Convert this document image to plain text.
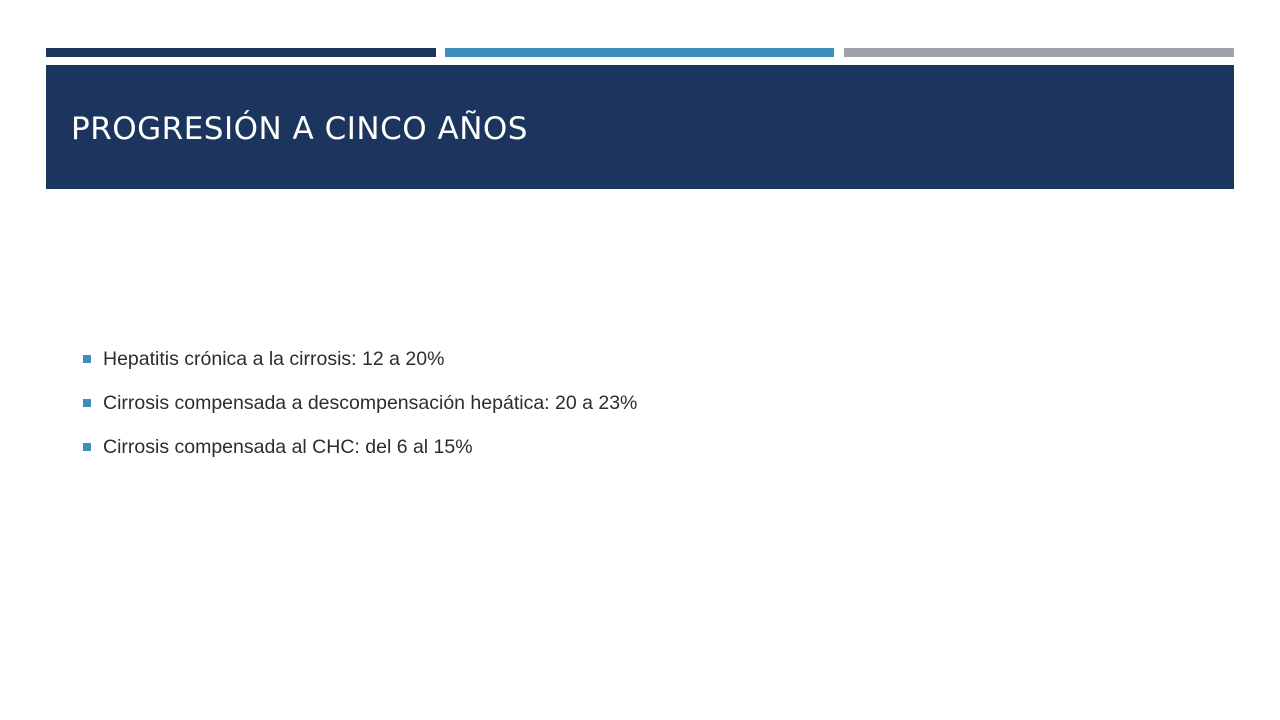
PROGRESIÓN A CINCO AÑOS
Hepatitis crónica a la cirrosis: 12 a 20%
Cirrosis compensada a descompensación hepática: 20 a 23%
Cirrosis compensada al CHC: del 6 al 15%
